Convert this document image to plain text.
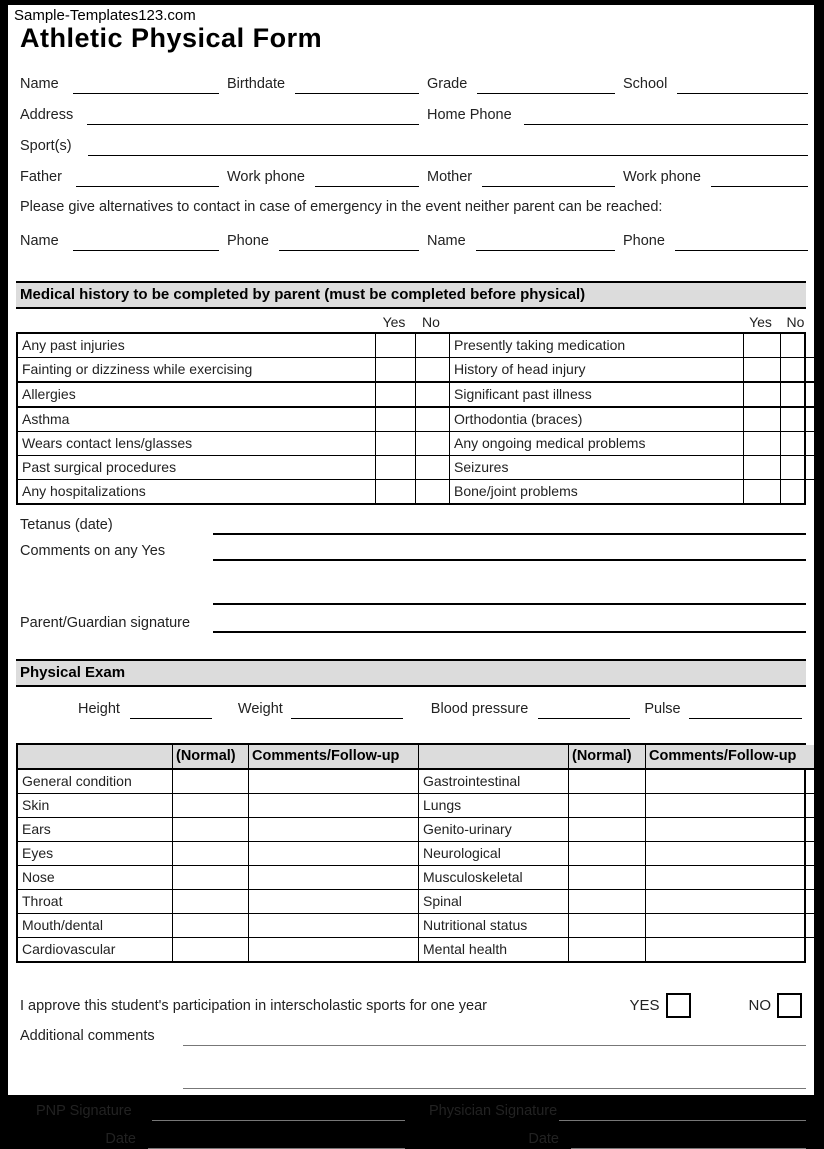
Sample-Templates123.com
Athletic Physical Form
Name	Birthdate	Grade	School
Address	Home Phone
Sport(s)
Father	Work phone	Mother	Work phone
Please give alternatives to contact in case of emergency in the event neither parent can be reached:
Name	Phone	Name	Phone
Medical history to be completed by parent (must be completed before physical)
Yes	No	Yes	No
Any past injuries	Presently taking medication
Fainting or dizziness while exercising	History of head injury
Allergies	Significant past illness
Asthma	Orthodontia (braces)
Wears contact lens/glasses	Any ongoing medical problems
Past surgical procedures	Seizures
Any hospitalizations	Bone/joint problems
Tetanus (date)
Comments on any Yes
Parent/Guardian signature
Physical Exam
Height	Weight	Blood pressure	Pulse
(Normal)	Comments/Follow-up	(Normal)	Comments/Follow-up
General condition	Gastrointestinal
Skin	Lungs
Ears	Genito-urinary
Eyes	Neurological
Nose	Musculoskeletal
Throat	Spinal
Mouth/dental	Nutritional status
Cardiovascular	Mental health
I approve this student's participation in interscholastic sports for one year	YES	NO
Additional comments
PNP Signature	Physician Signature
Date	Date
